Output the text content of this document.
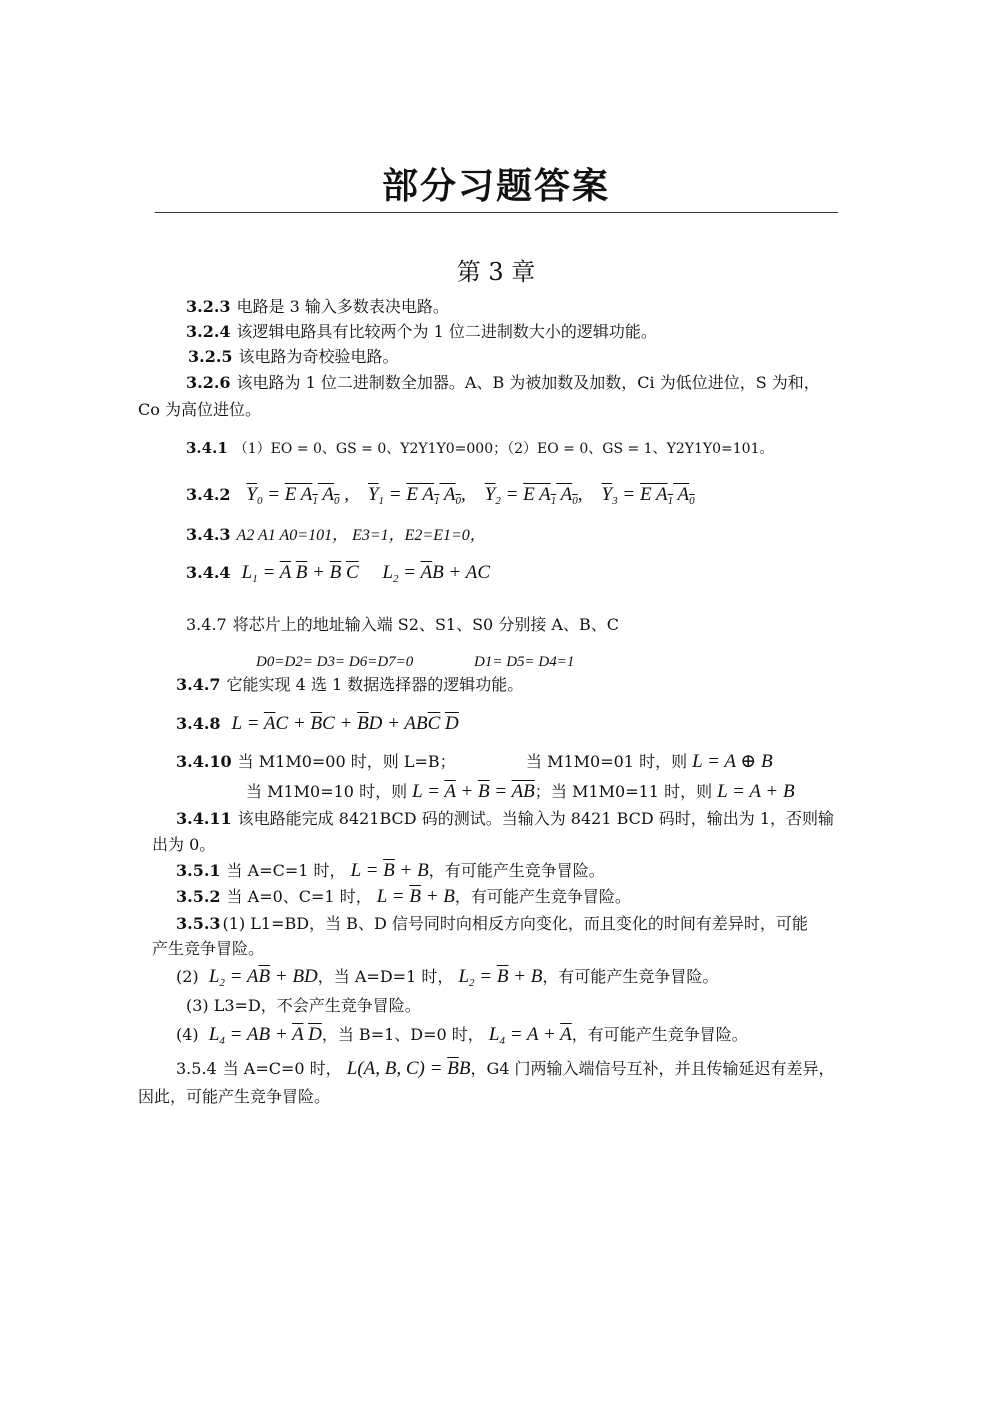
部分习题答案
第 3 章
3.2.3 电路是 3 输入多数表决电路。
3.2.4 该逻辑电路具有比较两个为 1 位二进制数大小的逻辑功能。
3.2.5 该电路为奇校验电路。
3.2.6 该电路为 1 位二进制数全加器。A、B 为被加数及加数，Ci 为低位进位，S 为和，
Co 为高位进位。
3.4.1 （1）EO = 0、GS = 0、Y2Y1Y0=000；（2）EO = 0、GS = 1、Y2Y1Y0=101。
3.4.2 $\overline{Y}_0 = E$ $A_1$ $A_0$ ,    $\overline{Y}_1 = E$ $A_1$ $A_0$,    $\overline{Y}_2 = E$ $A_1$ $A_0$,    $\overline{Y}_3 = E$ $A_1$ $A_0$
3.4.3 A2 A1 A0=101， E3=1，E2=E1=0，
3.4.4 $L_1 = \overline{A}$ $\overline{B} + \overline{B}$ $\overline{C}$     $L_2 = \overline{A}B$ + AC
3.4.7 将芯片上的地址输入端 S2、S1、S0 分别接 A、B、C
D0=D2= D3= D6=D7=0	D1= D5= D4=1
3.4.7 它能实现 4 选 1 数据选择器的逻辑功能。
3.4.8 $L = \overline{A}C + \overline{B}C + \overline{B}D + AB\overline{C}$ $\overline{D}$
3.4.10 当 M1M0=00 时，则 L=B；	当 M1M0=01 时，则 L = A ⊕ B
当 M1M0=10 时，则 $L = \overline{A} + \overline{B} = \overline{AB}$； 当 M1M0=11 时，则 L = A + B
3.4.11 该电路能完成 8421BCD 码的测试。当输入为 8421 BCD 码时，输出为 1，否则输
出为 0。
3.5.1 当 A=C=1 时， $L = \overline{B} + B$，有可能产生竞争冒险。
3.5.2 当 A=0、C=1 时， $L = \overline{B} + B$，有可能产生竞争冒险。
3.5.3 (1) L1=BD，当 B、D 信号同时向相反方向变化，而且变化的时间有差异时，可能
产生竞争冒险。
(2) $L_2 = A\overline{B}$ + BD，当 A=D=1 时， $L_2 = \overline{B} + B$，有可能产生竞争冒险。
(3) L3=D，不会产生竞争冒险。
(4) $L_4$ = AB + $\overline{A}$ $\overline{D}$，当 B=1、D=0 时， $L_4 = A + \overline{A}$，有可能产生竞争冒险。
3.5.4 当 A=C=0 时， L(A, B, $C) = \overline{B}B$，G4 门两输入端信号互补，并且传输延迟有差异，
因此，可能产生竞争冒险。
